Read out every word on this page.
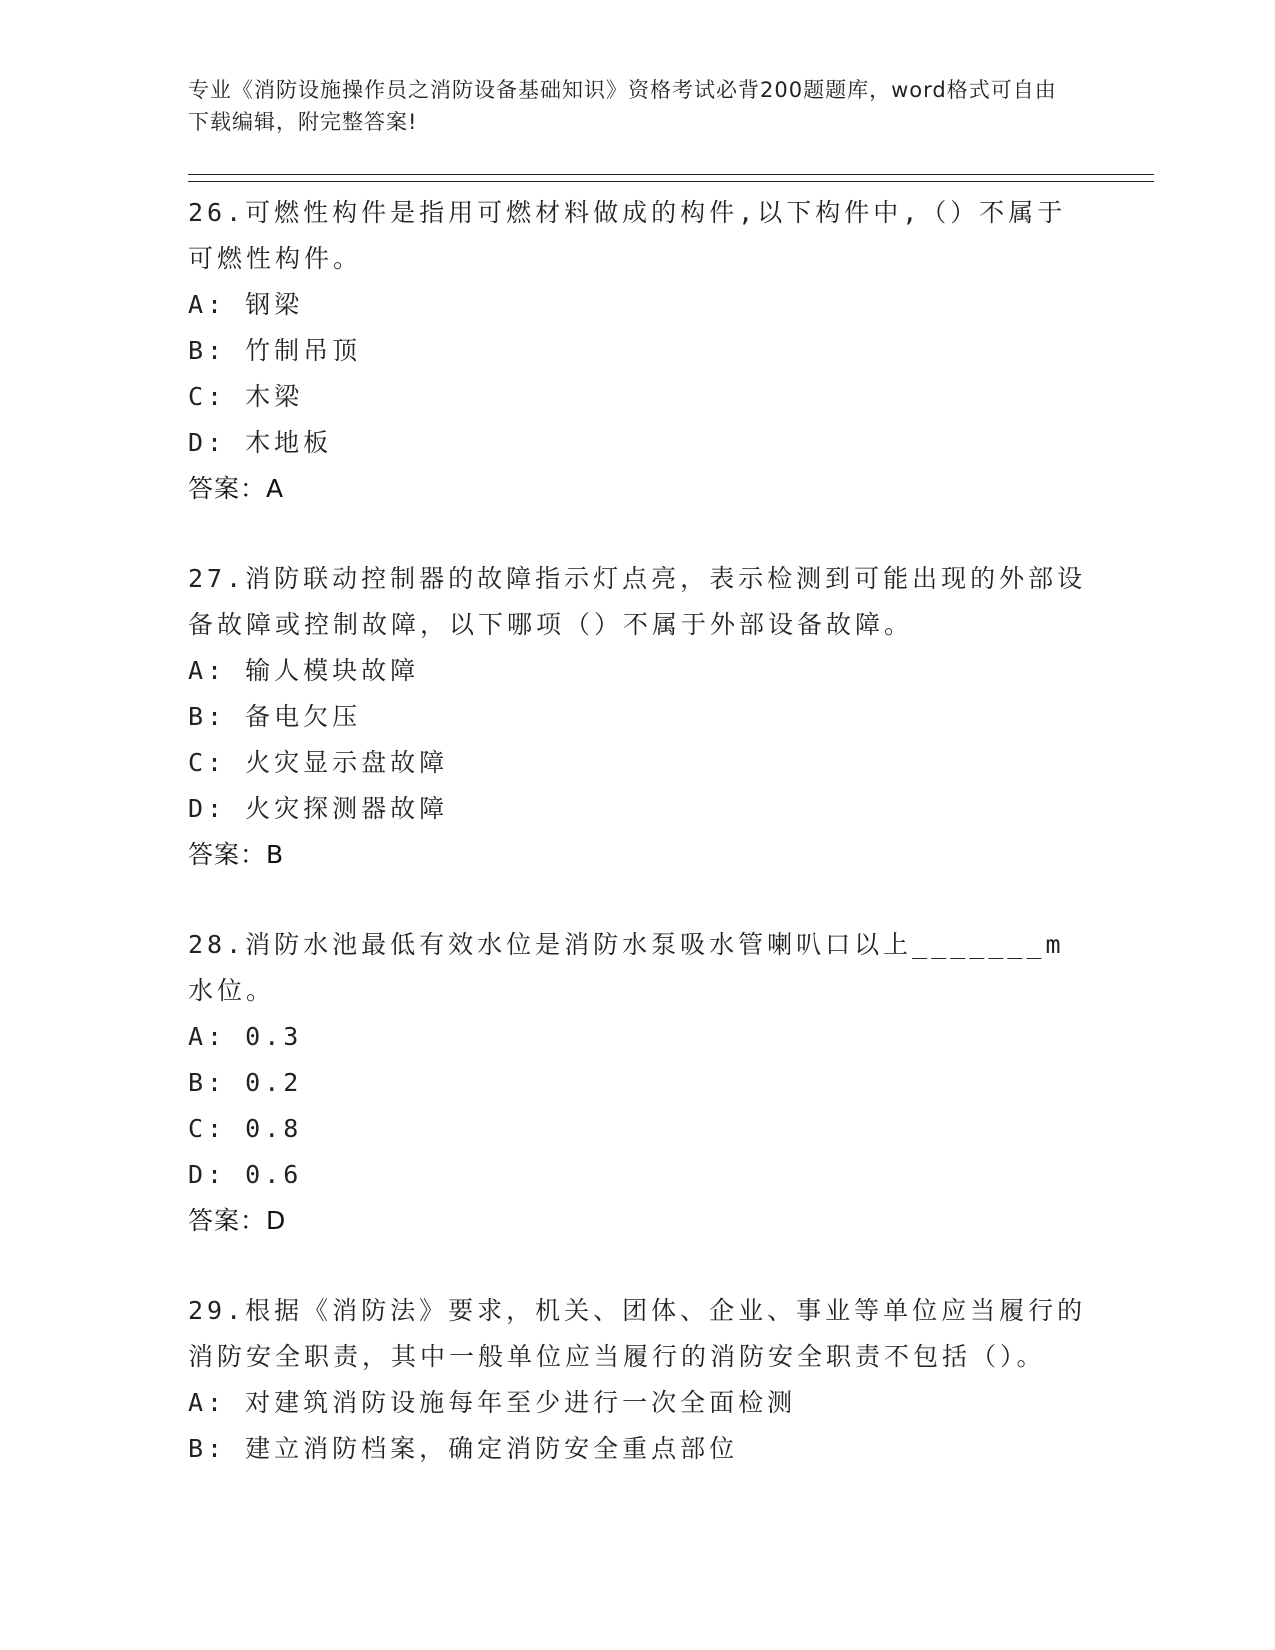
专业《消防设施操作员之消防设备基础知识》资格考试必背200题题库，word格式可自由下载编辑，附完整答案!

26.可燃性构件是指用可燃材料做成的构件,以下构件中,（）不属于可燃性构件。

A: 钢梁

B: 竹制吊顶

C: 木梁

D: 木地板

答案：A

27.消防联动控制器的故障指示灯点亮，表示检测到可能出现的外部设备故障或控制故障，以下哪项（）不属于外部设备故障。

A: 输人模块故障

B: 备电欠压

C: 火灾显示盘故障

D: 火灾探测器故障

答案：B

28.消防水池最低有效水位是消防水泵吸水管喇叭口以上_______m水位。

A: 0.3

B: 0.2

C: 0.8

D: 0.6

答案：D

29.根据《消防法》要求，机关、团体、企业、事业等单位应当履行的消防安全职责，其中一般单位应当履行的消防安全职责不包括（）。

A: 对建筑消防设施每年至少进行一次全面检测

B: 建立消防档案，确定消防安全重点部位
